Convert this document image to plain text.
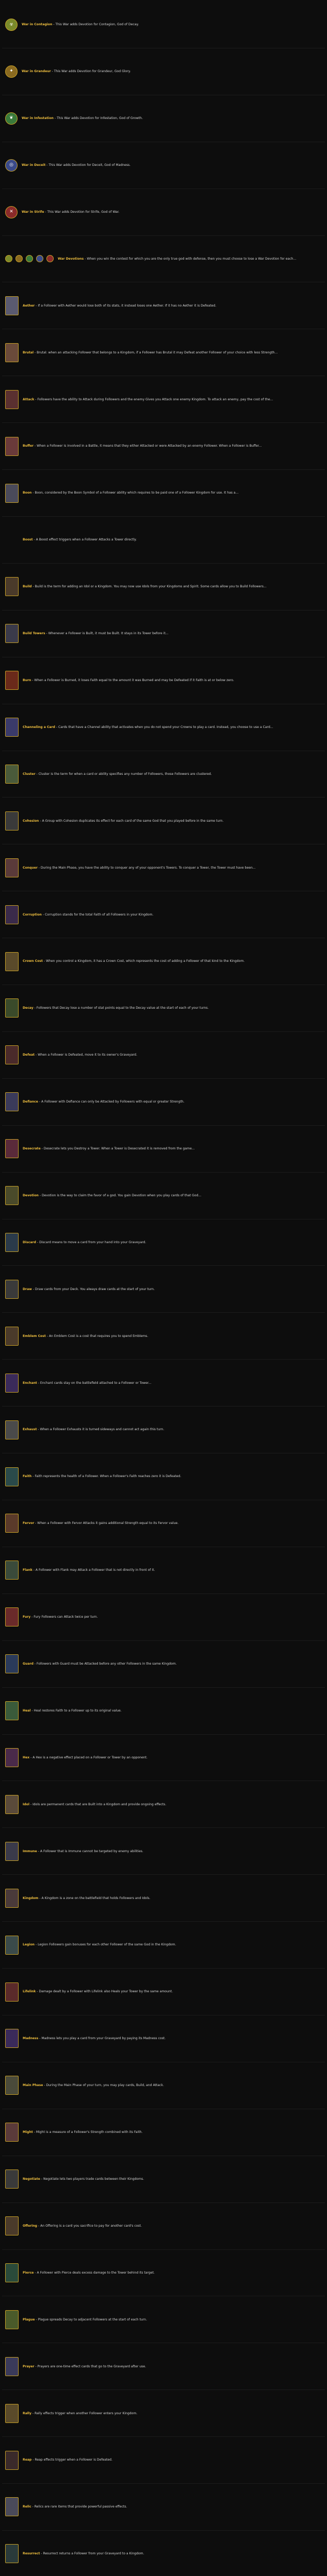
☣	War in Contagion - This War adds Devotion for Contagion, God of Decay.
✦	War in Grandeur - This War adds Devotion for Grandeur, God Glory.
❦	War in Infestation - This War adds Devotion for Infestation, God of Growth.
◎	War in Deceit - This War adds Devotion for Deceit, God of Madness.
✕	War in Strife - This War adds Devotion for Strife, God of War.
War Devotions - When you win the contest for which you are the only true god with defense, then you must choose to lose a War Devotion for each...
Aether - If a Follower with Aether would lose both of its stats, it instead loses one Aether. If it has no Aether it is Defeated.
Brutal - Brutal: when an attacking Follower that belongs to a Kingdom, if a Follower has Brutal it may Defeat another Follower of your choice with less Strength...
Attack - Followers have the ability to Attack during Followers and the enemy Gives you Attack one enemy Kingdom. To attack an enemy, pay the cost of the...
Buffer - When a Follower is involved in a Battle, it means that they either Attacked or were Attacked by an enemy Follower. When a Follower is Buffer...
Boon - Boon, considered by the Boon Symbol of a Follower ability which requires to be paid one of a Follower Kingdom for use. It has a...
Boost - A Boost effect triggers when a Follower Attacks a Tower directly.
Build - Build is the term for adding an Idol or a Kingdom. You may now use Idols from your Kingdoms and Spirit. Some cards allow you to Build Followers...
Build Towers - Whenever a Follower is Built, it must be Built. It stays in its Tower before it...
Burn - When a Follower is Burned, it loses Faith equal to the amount it was Burned and may be Defeated if it Faith is at or below zero.
Channeling a Card - Cards that have a Channel ability that activates when you do not spend your Crowns to play a card. Instead, you choose to use a Card...
Cluster - Cluster is the term for when a card or ability specifies any number of Followers, those Followers are clustered.
Cohesion - A Group with Cohesion duplicates its effect for each card of the same God that you played before in the same turn.
Conquer - During the Main Phase, you have the ability to conquer any of your opponent's Towers. To conquer a Tower, the Tower must have been...
Corruption - Corruption stands for the total Faith of all Followers in your Kingdom.
Crown Cost - When you control a Kingdom, it has a Crown Cost, which represents the cost of adding a Follower of that kind to the Kingdom.
Decay - Followers that Decay lose a number of stat points equal to the Decay value at the start of each of your turns.
Defeat - When a Follower is Defeated, move it to its owner's Graveyard.
Defiance - A Follower with Defiance can only be Attacked by Followers with equal or greater Strength.
Desecrate - Desecrate lets you Destroy a Tower. When a Tower is Desecrated it is removed from the game...
Devotion - Devotion is the way to claim the favor of a god. You gain Devotion when you play cards of that God...
Discard - Discard means to move a card from your hand into your Graveyard.
Draw - Draw cards from your Deck. You always draw cards at the start of your turn.
Emblem Cost - An Emblem Cost is a cost that requires you to spend Emblems.
Enchant - Enchant cards stay on the battlefield attached to a Follower or Tower...
Exhaust - When a Follower Exhausts it is turned sideways and cannot act again this turn.
Faith - Faith represents the health of a Follower. When a Follower's Faith reaches zero it is Defeated.
Fervor - When a Follower with Fervor Attacks it gains additional Strength equal to its Fervor value.
Flank - A Follower with Flank may Attack a Follower that is not directly in front of it.
Fury - Fury Followers can Attack twice per turn.
Guard - Followers with Guard must be Attacked before any other Followers in the same Kingdom.
Heal - Heal restores Faith to a Follower up to its original value.
Hex - A Hex is a negative effect placed on a Follower or Tower by an opponent.
Idol - Idols are permanent cards that are Built into a Kingdom and provide ongoing effects.
Immune - A Follower that is Immune cannot be targeted by enemy abilities.
Kingdom - A Kingdom is a zone on the battlefield that holds Followers and Idols.
Legion - Legion Followers gain bonuses for each other Follower of the same God in the Kingdom.
Lifelink - Damage dealt by a Follower with Lifelink also Heals your Tower by the same amount.
Madness - Madness lets you play a card from your Graveyard by paying its Madness cost.
Main Phase - During the Main Phase of your turn, you may play cards, Build, and Attack.
Might - Might is a measure of a Follower's Strength combined with its Faith.
Negotiate - Negotiate lets two players trade cards between their Kingdoms.
Offering - An Offering is a card you sacrifice to pay for another card's cost.
Pierce - A Follower with Pierce deals excess damage to the Tower behind its target.
Plague - Plague spreads Decay to adjacent Followers at the start of each turn.
Prayer - Prayers are one-time effect cards that go to the Graveyard after use.
Rally - Rally effects trigger when another Follower enters your Kingdom.
Reap - Reap effects trigger when a Follower is Defeated.
Relic - Relics are rare items that provide powerful passive effects.
Resurrect - Resurrect returns a Follower from your Graveyard to a Kingdom.
